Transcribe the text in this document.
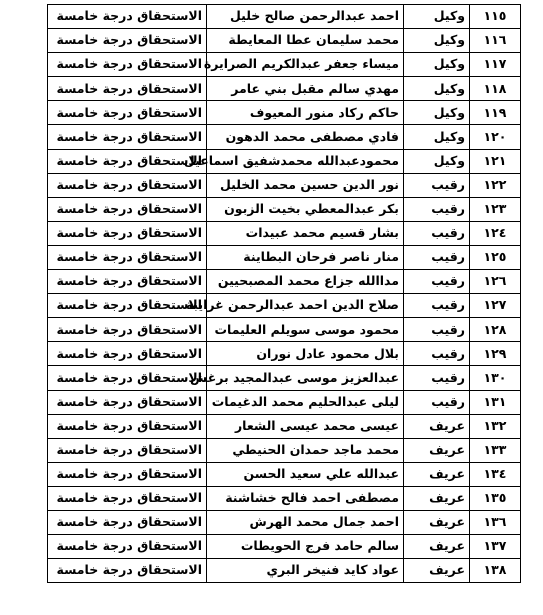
١١٥	وكيل	احمد عبدالرحمن صالح خليل	الاستحقاق درجة خامسة
١١٦	وكيل	محمد سليمان عطا المعايطة	الاستحقاق درجة خامسة
١١٧	وكيل	ميساء جعفر عبدالكريم الصرايرة	الاستحقاق درجة خامسة
١١٨	وكيل	مهدي سالم مقبل بني عامر	الاستحقاق درجة خامسة
١١٩	وكيل	حاكم ركاد منور المعيوف	الاستحقاق درجة خامسة
١٢٠	وكيل	فادي مصطفى محمد الدهون	الاستحقاق درجة خامسة
١٢١	وكيل	محمودعبدالله محمدشفيق اسماعيل	الاستحقاق درجة خامسة
١٢٢	رقيب	نور الدين حسين محمد الخليل	الاستحقاق درجة خامسة
١٢٣	رقيب	بكر عبدالمعطي بخيت الزبون	الاستحقاق درجة خامسة
١٢٤	رقيب	بشار قسيم محمد عبيدات	الاستحقاق درجة خامسة
١٢٥	رقيب	منار ناصر فرحان البطاينة	الاستحقاق درجة خامسة
١٢٦	رقيب	مداالله جزاع محمد المصبحيين	الاستحقاق درجة خامسة
١٢٧	رقيب	صلاح الدين احمد عبدالرحمن غرايبة	الاستحقاق درجة خامسة
١٢٨	رقيب	محمود موسى سويلم العليمات	الاستحقاق درجة خامسة
١٢٩	رقيب	بلال محمود عادل نوران	الاستحقاق درجة خامسة
١٣٠	رقيب	عبدالعزيز موسى عبدالمجيد برغش	الاستحقاق درجة خامسة
١٣١	رقيب	ليلى عبدالحليم محمد الدغيمات	الاستحقاق درجة خامسة
١٣٢	عريف	عيسى محمد عيسى الشعار	الاستحقاق درجة خامسة
١٣٣	عريف	محمد ماجد حمدان الحنيطي	الاستحقاق درجة خامسة
١٣٤	عريف	عبدالله علي سعيد الحسن	الاستحقاق درجة خامسة
١٣٥	عريف	مصطفى احمد فالح خشاشنة	الاستحقاق درجة خامسة
١٣٦	عريف	احمد جمال محمد الهرش	الاستحقاق درجة خامسة
١٣٧	عريف	سالم حامد فرج الحويطات	الاستحقاق درجة خامسة
١٣٨	عريف	عواد كايد فنيخر البري	الاستحقاق درجة خامسة
